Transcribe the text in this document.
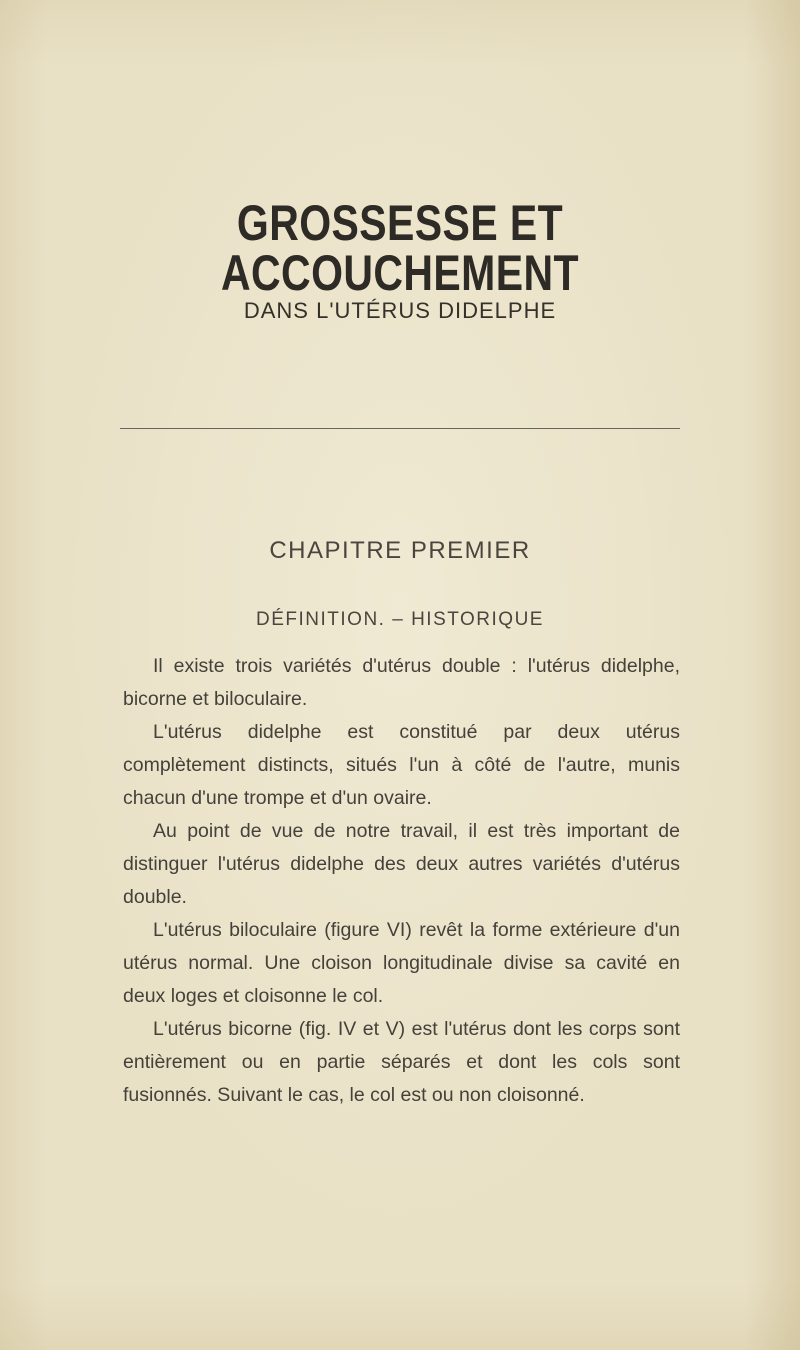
GROSSESSE ET ACCOUCHEMENT
DANS L'UTÉRUS DIDELPHE
CHAPITRE PREMIER
DÉFINITION. – HISTORIQUE

Il existe trois variétés d'utérus double : l'utérus didelphe, bicorne et biloculaire.

L'utérus didelphe est constitué par deux utérus complètement distincts, situés l'un à côté de l'autre, munis chacun d'une trompe et d'un ovaire.

Au point de vue de notre travail, il est très important de distinguer l'utérus didelphe des deux autres variétés d'utérus double.

L'utérus biloculaire (figure VI) revêt la forme extérieure d'un utérus normal. Une cloison longitudinale divise sa cavité en deux loges et cloisonne le col.

L'utérus bicorne (fig. IV et V) est l'utérus dont les corps sont entièrement ou en partie séparés et dont les cols sont fusionnés. Suivant le cas, le col est ou non cloisonné.
